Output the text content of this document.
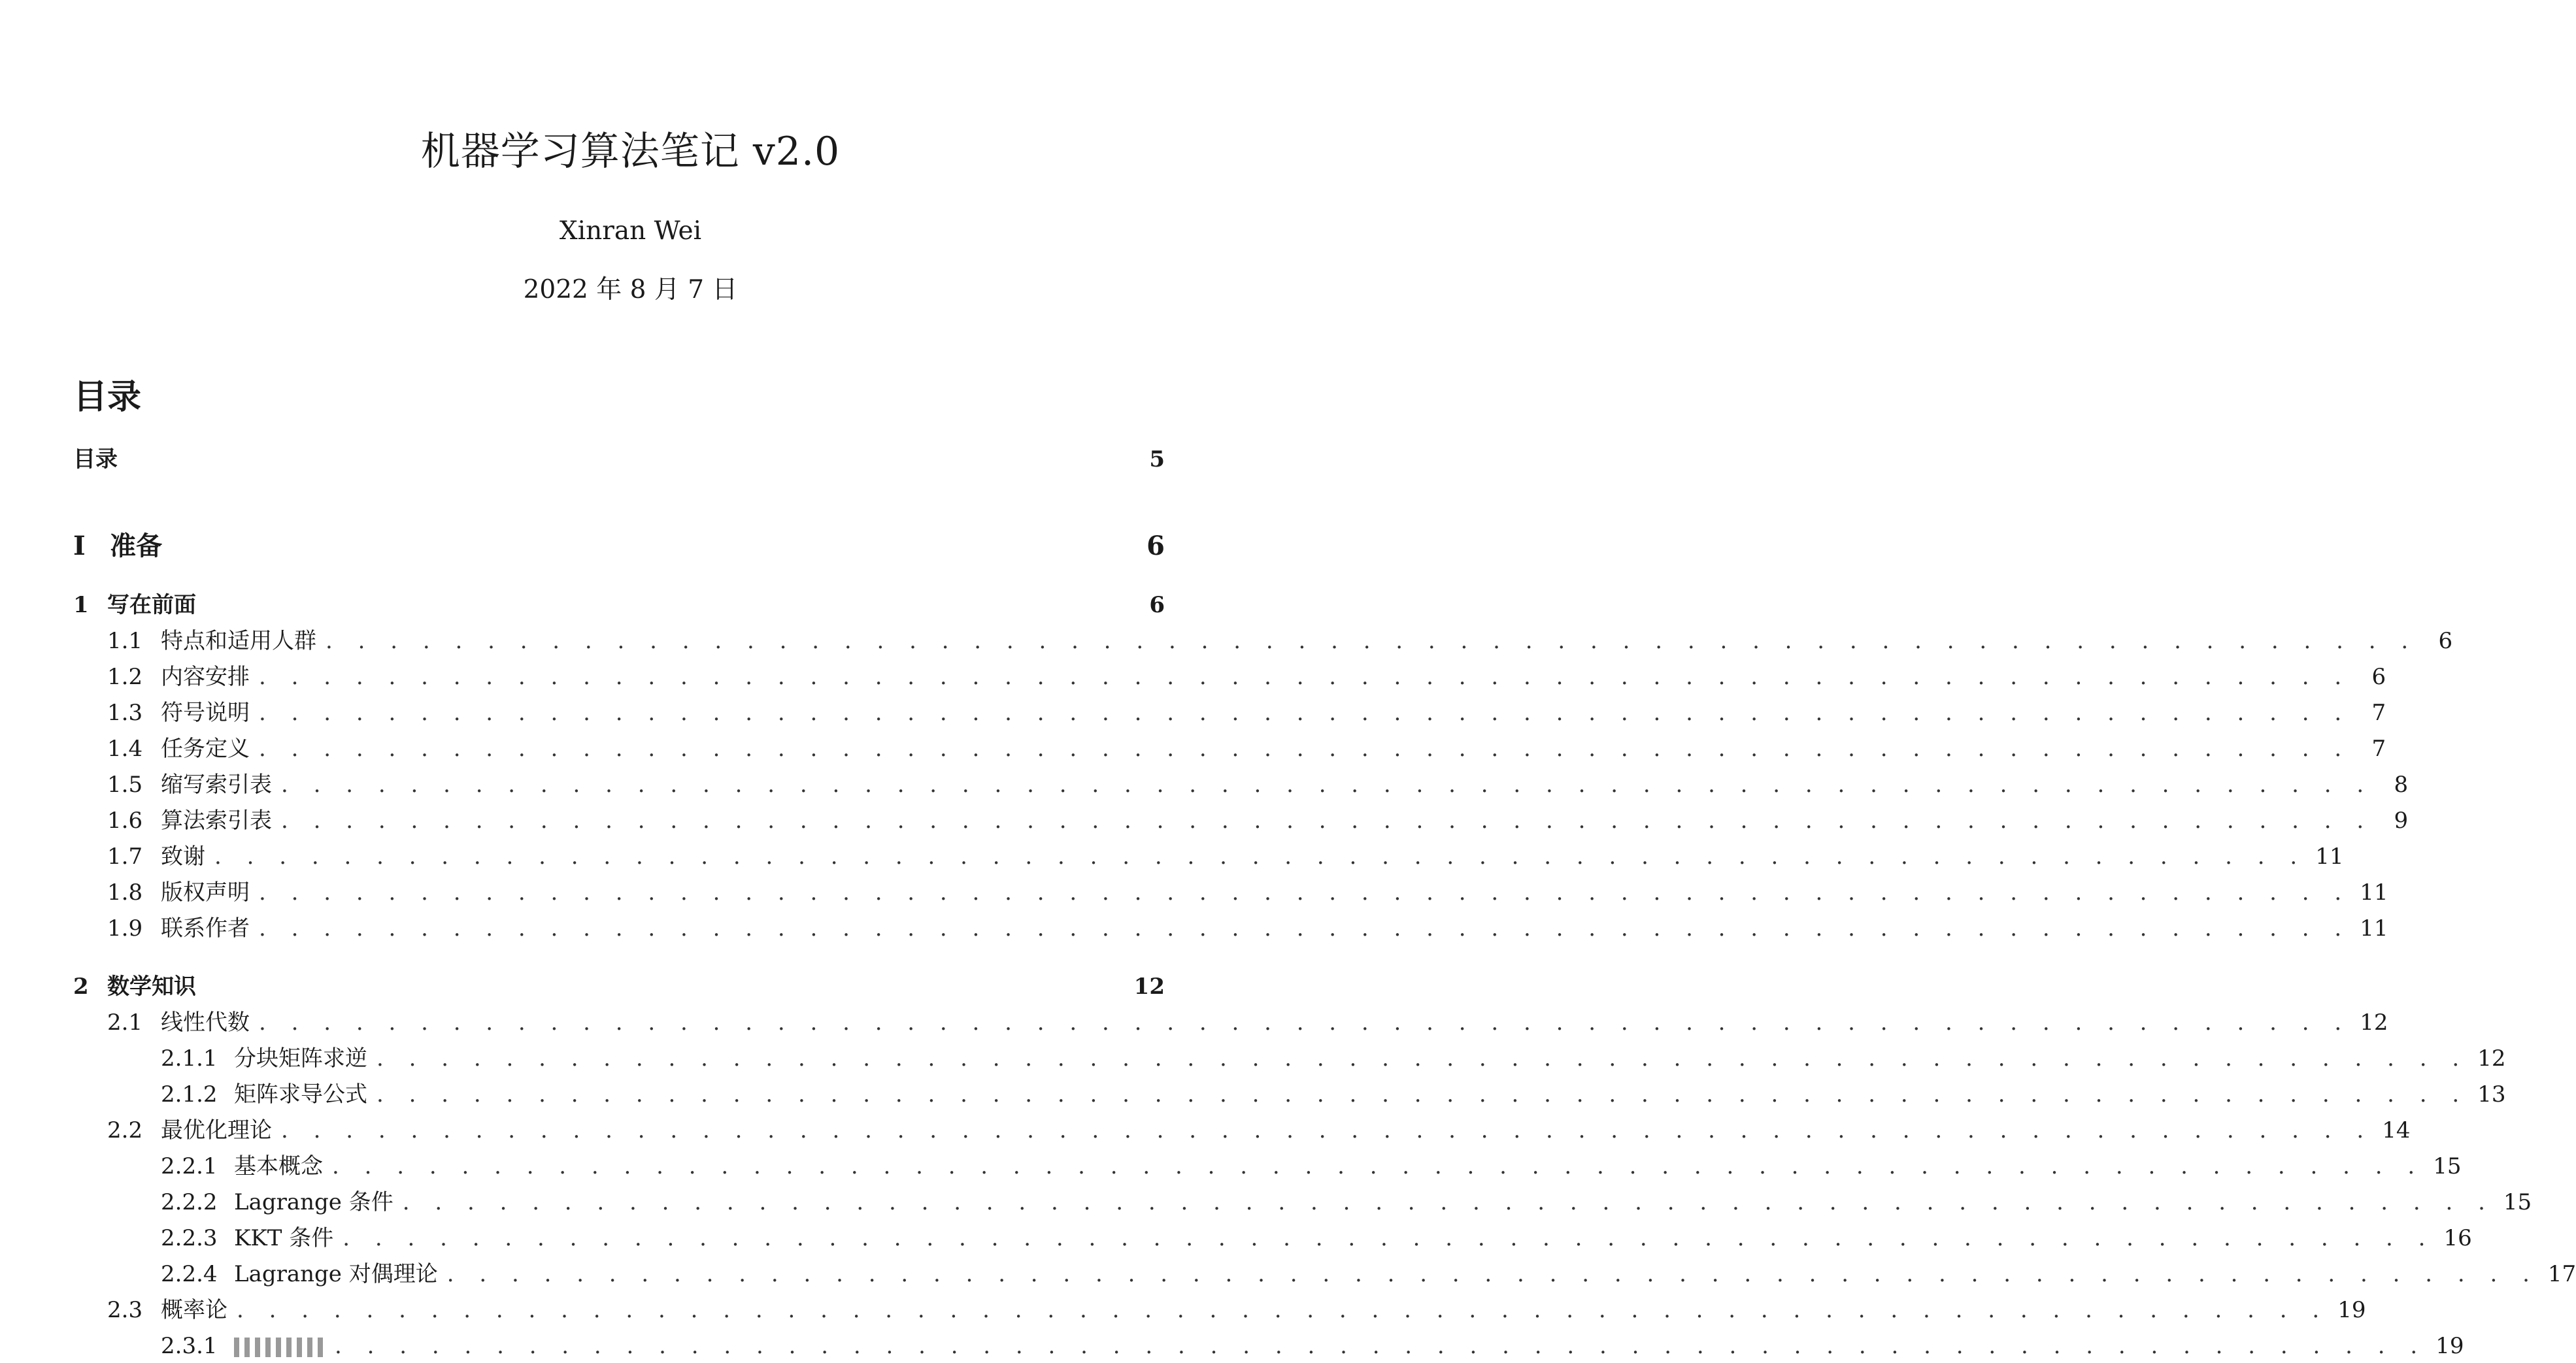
机器学习算法笔记 v2.0
Xinran Wei
2022 年 8 月 7 日
目录
目录	5
I 准备	6
1 写在前面	6
1.1 特点和适用人群 . . . . . . . . . . . . . . . . . . . . . . . . . . . . . . . . . . . . . . . . . . . . . . . . . . . . . . . . . . . . . . . . . 6
1.2 内容安排 . . . . . . . . . . . . . . . . . . . . . . . . . . . . . . . . . . . . . . . . . . . . . . . . . . . . . . . . . . . . . . . . . 6
1.3 符号说明 . . . . . . . . . . . . . . . . . . . . . . . . . . . . . . . . . . . . . . . . . . . . . . . . . . . . . . . . . . . . . . . . . 7
1.4 任务定义 . . . . . . . . . . . . . . . . . . . . . . . . . . . . . . . . . . . . . . . . . . . . . . . . . . . . . . . . . . . . . . . . . 7
1.5 缩写索引表 . . . . . . . . . . . . . . . . . . . . . . . . . . . . . . . . . . . . . . . . . . . . . . . . . . . . . . . . . . . . . . . . . 8
1.6 算法索引表 . . . . . . . . . . . . . . . . . . . . . . . . . . . . . . . . . . . . . . . . . . . . . . . . . . . . . . . . . . . . . . . . . 9
1.7 致谢 . . . . . . . . . . . . . . . . . . . . . . . . . . . . . . . . . . . . . . . . . . . . . . . . . . . . . . . . . . . . . . . . . 11
1.8 版权声明 . . . . . . . . . . . . . . . . . . . . . . . . . . . . . . . . . . . . . . . . . . . . . . . . . . . . . . . . . . . . . . . . . 11
1.9 联系作者 . . . . . . . . . . . . . . . . . . . . . . . . . . . . . . . . . . . . . . . . . . . . . . . . . . . . . . . . . . . . . . . . . 11
2 数学知识	12
2.1 线性代数 . . . . . . . . . . . . . . . . . . . . . . . . . . . . . . . . . . . . . . . . . . . . . . . . . . . . . . . . . . . . . . . . . 12
2.1.1 分块矩阵求逆 . . . . . . . . . . . . . . . . . . . . . . . . . . . . . . . . . . . . . . . . . . . . . . . . . . . . . . . . . . . . . . . . . 12
2.1.2 矩阵求导公式 . . . . . . . . . . . . . . . . . . . . . . . . . . . . . . . . . . . . . . . . . . . . . . . . . . . . . . . . . . . . . . . . . 13
2.2 最优化理论 . . . . . . . . . . . . . . . . . . . . . . . . . . . . . . . . . . . . . . . . . . . . . . . . . . . . . . . . . . . . . . . . . 14
2.2.1 基本概念 . . . . . . . . . . . . . . . . . . . . . . . . . . . . . . . . . . . . . . . . . . . . . . . . . . . . . . . . . . . . . . . . . 15
2.2.2 Lagrange 条件 . . . . . . . . . . . . . . . . . . . . . . . . . . . . . . . . . . . . . . . . . . . . . . . . . . . . . . . . . . . . . . . . . 15
2.2.3 KKT 条件 . . . . . . . . . . . . . . . . . . . . . . . . . . . . . . . . . . . . . . . . . . . . . . . . . . . . . . . . . . . . . . . . . 16
2.2.4 Lagrange 对偶理论 . . . . . . . . . . . . . . . . . . . . . . . . . . . . . . . . . . . . . . . . . . . . . . . . . . . . . . . . . . . . . . . . . 17
2.3 概率论 . . . . . . . . . . . . . . . . . . . . . . . . . . . . . . . . . . . . . . . . . . . . . . . . . . . . . . . . . . . . . . . . . 19
2.3.1	. . . . . . . . . . . . . . . . . . . . . . . . . . . . . . . . . . . . . . . . . . . . . . . . . . . . . . . . . . . . . . . . . 19
